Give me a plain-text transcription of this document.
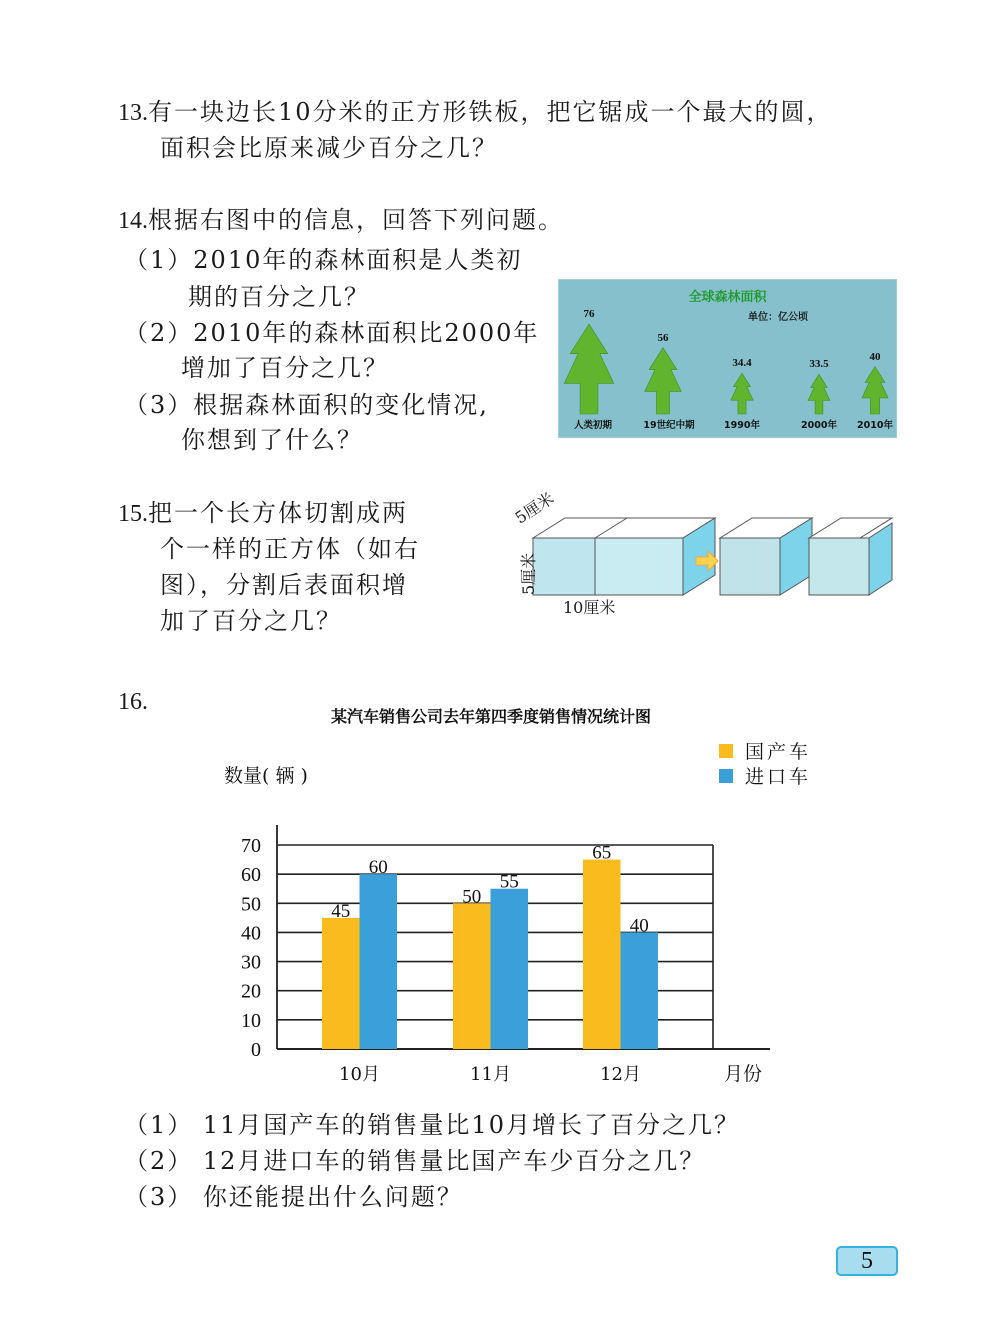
13.有一块边长10分米的正方形铁板，把它锯成一个最大的圆，
面积会比原来减少百分之几？
14.根据右图中的信息，回答下列问题。
（1）2010年的森林面积是人类初
期的百分之几？
（2）2010年的森林面积比2000年
增加了百分之几？
（3）根据森林面积的变化情况,
你想到了什么？
全球森林面积
单位：亿公顷
76
人类初期
56
19世纪中期
34.4
1990年
33.5
2000年
40
2010年
15.把一个长方体切割成两
个一样的正方体（如右
图），分割后表面积增
加了百分之几？
5厘米
5厘米
10厘米
16.
某汽车销售公司去年第四季度销售情况统计图
数量( 辆 )
国产车
进口车
45
60
50
55
65
40
0
10
20
30
40
50
60
70
10月	11月	12月	月份
（1） 11月国产车的销售量比10月增长了百分之几？
（2） 12月进口车的销售量比国产车少百分之几？
（3） 你还能提出什么问题？
5
